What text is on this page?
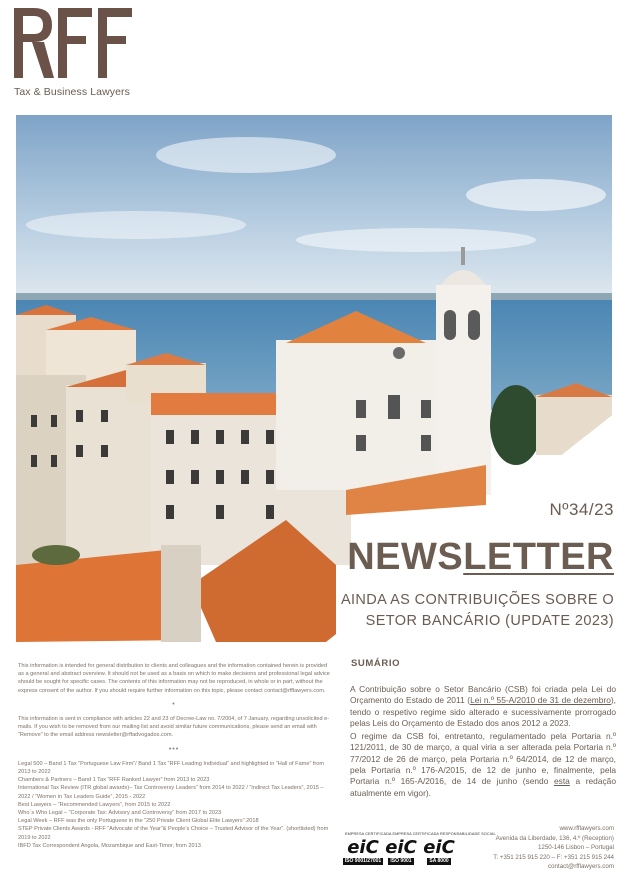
Tax & Business Lawyers
Nº34/23
NEWSLETTER
AINDA AS CONTRIBUIÇÕES SOBRE O
SETOR BANCÁRIO (UPDATE 2023)

This information is intended for general distribution to clients and colleagues and the information contained herein is provided as a general and abstract overview. It should not be used as a basis on which to make decisions and professional legal advice should be sought for specific cases. The contents of this information may not be reproduced, in whole or in part, without the express consent of the author. If you should require further information on this topic, please contact contact@rfflawyers.com.

•

This information is sent in compliance with articles 22 and 23 of Decree-Law no. 7/2004, of 7 January, regarding unsolicited e-mails. If you wish to be removed from our mailing list and avoid similar future communications, please send an email with “Remove” to the email address newsletter@rffadvogados.com.

•••
Legal 500 – Band 1 Tax “Portuguese Law Firm”/ Band 1 Tax “RFF Leading Individual” and highlighted in “Hall of Fame” from 2013 to 2022
Chambers & Partners – Band 1 Tax “RFF Ranked Lawyer” from 2013 to 2023
International Tax Review (ITR global awards)– Tax Controversy Leaders” from 2014 to 2022 / “Indirect Tax Leaders”, 2015 – 2022 / “Women in Tax Leaders Guide”, 2015 - 2022
Best Lawyers – “Recommended Lawyers”, from 2015 to 2022
Who´s Who Legal – “Corporate Tax: Advisory and Controversy” from 2017 to 2023
Legal Week – RFF was the only Portuguese in the “250 Private Client Global Elite Lawyers” 2018
STEP Private Clients Awards - RFF “Advocate of the Year”& People’s Choice – Trusted Advisor of the Year”. (shortlisted) from 2019 to 2022
IBFD Tax Correspondent Angola, Mozambique and East-Timor, from 2013
SUMÁRIO

A Contribuição sobre o Setor Bancário (CSB) foi criada pela Lei do Orçamento do Estado de 2011 (Lei n.º 55-A/2010 de 31 de dezembro), tendo o respetivo regime sido alterado e sucessivamente prorrogado pelas Leis do Orçamento de Estado dos anos 2012 a 2023.

O regime da CSB foi, entretanto, regulamentado pela Portaria n.º 121/2011, de 30 de março, a qual viria a ser alterada pela Portaria n.º 77/2012 de 26 de março, pela Portaria n.º 64/2014, de 12 de março, pela Portaria n.º 176-A/2015, de 12 de junho e, finalmente, pela Portaria n.º 165-A/2016, de 14 de junho (sendo esta a redação atualmente em vigor).

EMPRESA CERTIFICADA EMPRESA CERTIFICADA RESPONSABILIDADE SOCIAL
eiC
ISO 9001/27001
eiC
ISO 9001
eiC
SA 8000
www.rfflawyers.com
Avenida da Liberdade, 136, 4.º (Reception)
1250-146 Lisbon – Portugal
T: +351 215 915 220 – F: +351 215 915 244
contact@rfflawyers.com
